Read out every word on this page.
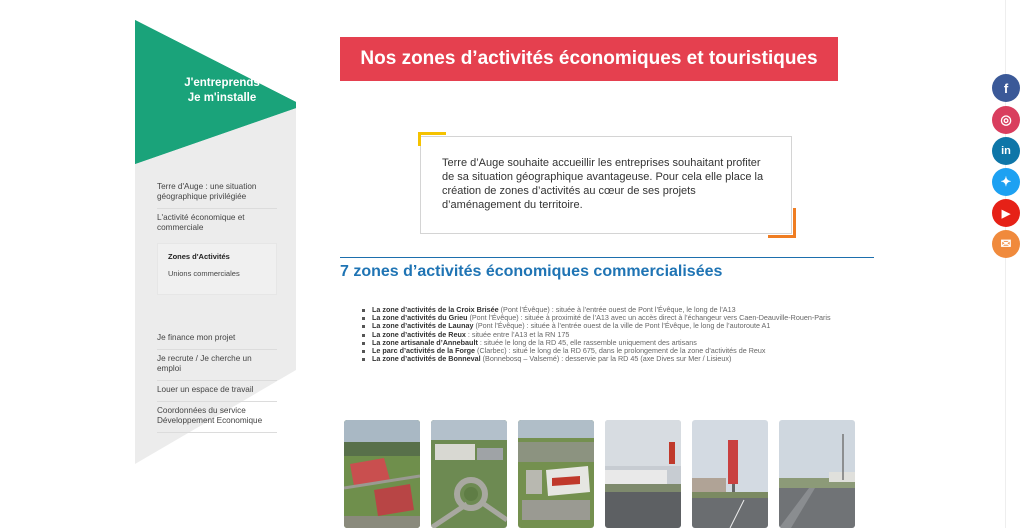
J'entreprends
Je m'installe
Terre d'Auge : une situation géographique privilégiée
L'activité économique et commerciale
Zones d'Activités
Unions commerciales
Je finance mon projet
Je recrute / Je cherche un emploi
Louer un espace de travail
Coordonnées du service Développement Economique
Nos zones d’activités économiques et touristiques

Terre d’Auge souhaite accueillir les entreprises souhaitant profiter de sa situation géographique avantageuse. Pour cela elle place la création de zones d’activités au cœur de ses projets d’aménagement du territoire.

7 zones d’activités économiques commercialisées
La zone d’activités de la Croix Brisée (Pont l’Évêque) : située à l’entrée ouest de Pont l’Évêque, le long de l’A13
La zone d’activités du Grieu (Pont l’Évêque) : située à proximité de l’A13 avec un accès direct à l’échangeur vers Caen-Deauville-Rouen-Paris
La zone d’activités de Launay (Pont l’Évêque) : située à l’entrée ouest de la ville de Pont l’Évêque, le long de l’autoroute A1
La zone d’activités de Reux : située entre l’A13 et la RN 175
La zone artisanale d’Annebault : située le long de la RD 45, elle rassemble uniquement des artisans
Le parc d’activités de la Forge (Clarbec) : situé le long de la RD 675, dans le prolongement de la zone d’activités de Reux
La zone d’activités de Bonneval (Bonnebosq – Valsemé) : desservie par la RD 45 (axe Dives sur Mer / Lisieux)
f
◎
in
✦
▶
✉
